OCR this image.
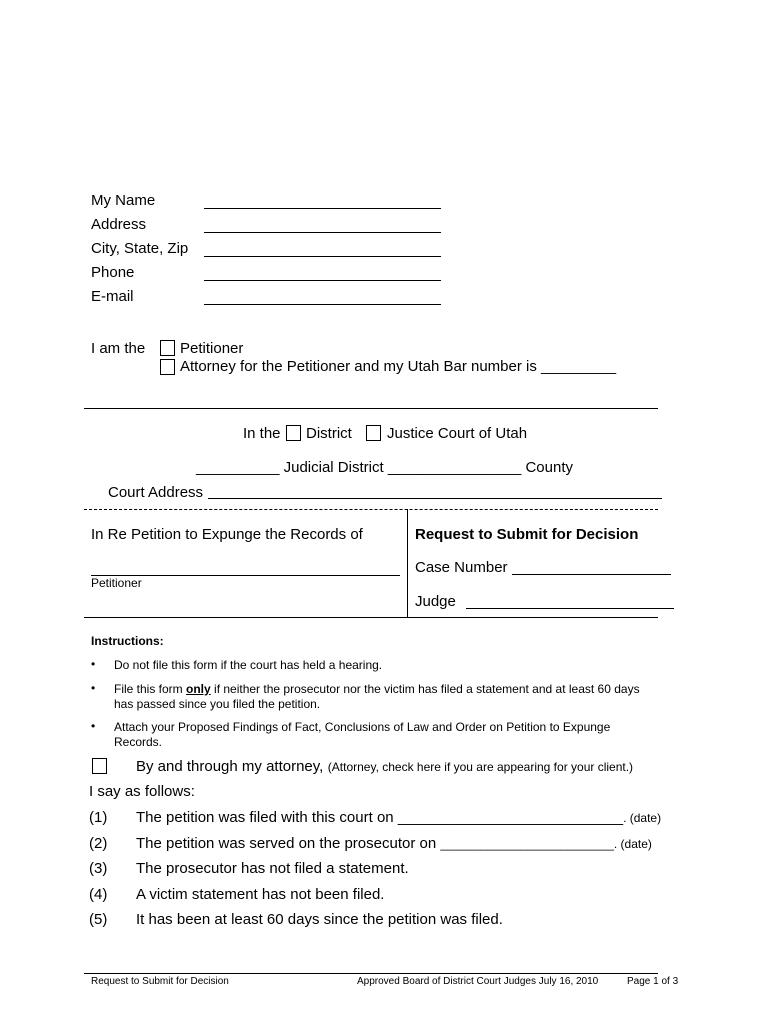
My Name
Address
City, State, Zip
Phone
E-mail
I am the Petitioner
Attorney for the Petitioner and my Utah Bar number is _________
In the District Justice Court of Utah
__________ Judicial District ________________ County
Court Address
In Re Petition to Expunge the Records of
Petitioner
Request to Submit for Decision
Case Number
Judge
Instructions:
• Do not file this form if the court has held a hearing.
• File this form only if neither the prosecutor nor the victim has filed a statement and at least 60 days
has passed since you filed the petition.
• Attach your Proposed Findings of Fact, Conclusions of Law and Order on Petition to Expunge
Records.
By and through my attorney, (Attorney, check here if you are appearing for your client.)
I say as follows:
(1) The petition was filed with this court on ___________________________. (date)
(2) The petition was served on the prosecutor on __________________________. (date)
(3) The prosecutor has not filed a statement.
(4) A victim statement has not been filed.
(5) It has been at least 60 days since the petition was filed.
Request to Submit for Decision	Approved Board of District Court Judges July 16, 2010	Page 1 of 3
